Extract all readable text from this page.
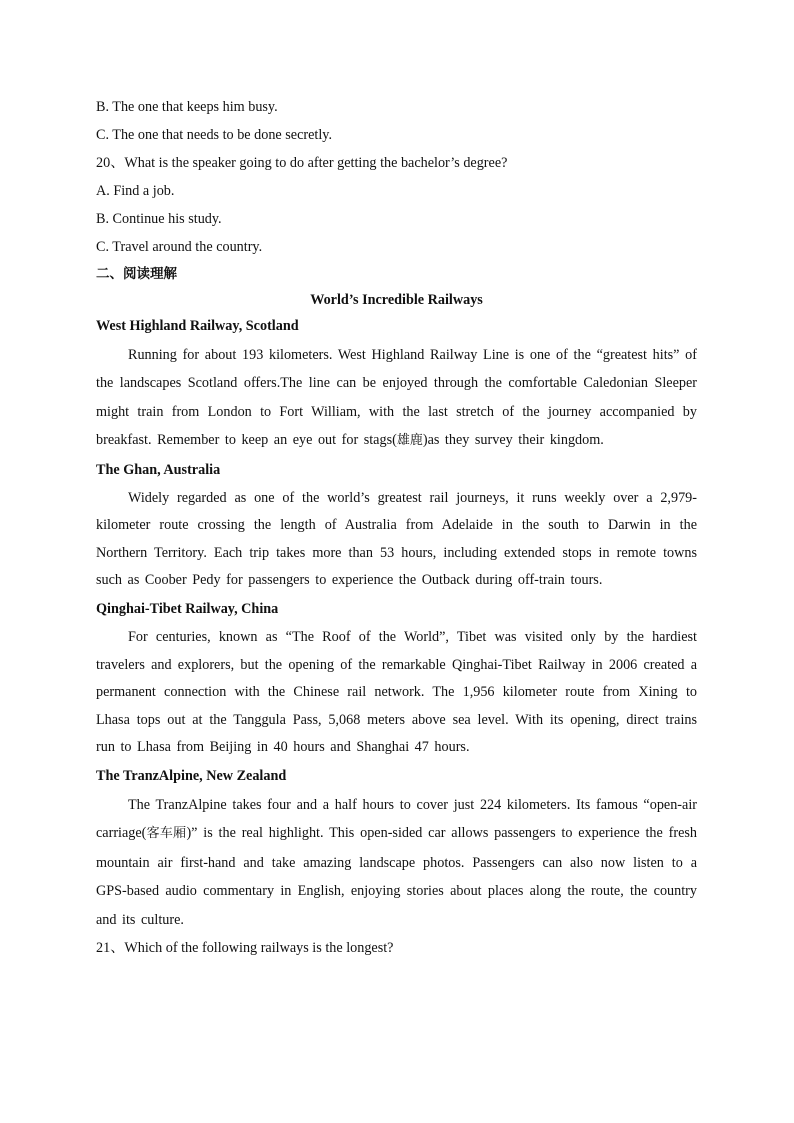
B. The one that keeps him busy.
C. The one that needs to be done secretly.
20、What is the speaker going to do after getting the bachelor’s degree?
A. Find a job.
B. Continue his study.
C. Travel around the country.
二、阅读理解
World’s Incredible Railways
West Highland Railway, Scotland

Running for about 193 kilometers. West Highland Railway Line is one of the “greatest hits” of the landscapes Scotland offers.The line can be enjoyed through the comfortable Caledonian Sleeper might train from London to Fort William, with the last stretch of the journey accompanied by breakfast. Remember to keep an eye out for stags(雄鹿)as they survey their kingdom.

The Ghan, Australia

Widely regarded as one of the world’s greatest rail journeys, it runs weekly over a 2,979-kilometer route crossing the length of Australia from Adelaide in the south to Darwin in the Northern Territory. Each trip takes more than 53 hours, including extended stops in remote towns such as Coober Pedy for passengers to experience the Outback during off-train tours.

Qinghai-Tibet Railway, China

For centuries, known as “The Roof of the World”, Tibet was visited only by the hardiest travelers and explorers, but the opening of the remarkable Qinghai-Tibet Railway in 2006 created a permanent connection with the Chinese rail network. The 1,956 kilometer route from Xining to Lhasa tops out at the Tanggula Pass, 5,068 meters above sea level. With its opening, direct trains run to Lhasa from Beijing in 40 hours and Shanghai 47 hours.

The TranzAlpine, New Zealand

The TranzAlpine takes four and a half hours to cover just 224 kilometers. Its famous “open-air carriage(客车厢)” is the real highlight. This open-sided car allows passengers to experience the fresh mountain air first-hand and take amazing landscape photos. Passengers can also now listen to a GPS-based audio commentary in English, enjoying stories about places along the route, the country and its culture.

21、Which of the following railways is the longest?
